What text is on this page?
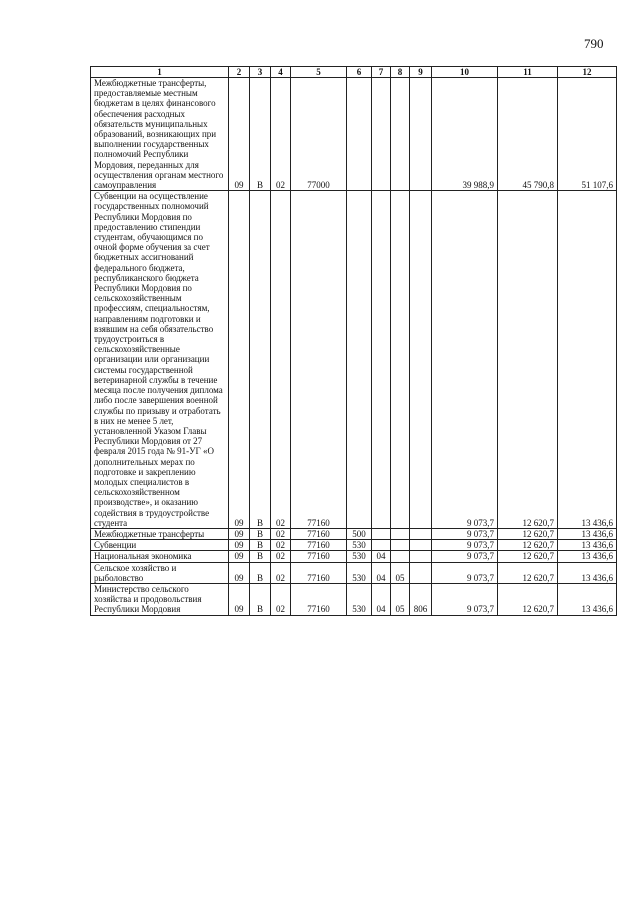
790
1	2	3	4	5	6	7	8	9	10	11	12
Межбюджетные трансферты, предоставляемые местным бюджетам в целях финансового обеспечения расходных обязательств муниципальных образований, возникающих при выполнении государственных полномочий Республики Мордовия, переданных для осуществления органам местного самоуправления	09	В	02	77000					39 988,9	45 790,8	51 107,6
Субвенции на осуществление государственных полномочий Республики Мордовия по предоставлению стипендии студентам, обучающимся по очной форме обучения за счет бюджетных ассигнований федерального бюджета, республиканского бюджета Республики Мордовия по сельскохозяйственным профессиям, специальностям, направлениям подготовки и взявшим на себя обязательство трудоустроиться в сельскохозяйственные организации или организации системы государственной ветеринарной службы в течение месяца после получения диплома либо после завершения военной службы по призыву и отработать в них не менее 5 лет, установленной Указом Главы Республики Мордовия от 27 февраля 2015 года № 91-УГ «О дополнительных мерах по подготовке и закреплению молодых специалистов в сельскохозяйственном производстве», и оказанию содействия в трудоустройстве студента	09	В	02	77160					9 073,7	12 620,7	13 436,6
Межбюджетные трансферты	09	В	02	77160	500				9 073,7	12 620,7	13 436,6
Субвенции	09	В	02	77160	530				9 073,7	12 620,7	13 436,6
Национальная экономика	09	В	02	77160	530	04			9 073,7	12 620,7	13 436,6
Сельское хозяйство и рыболовство	09	В	02	77160	530	04	05		9 073,7	12 620,7	13 436,6
Министерство сельского хозяйства и продовольствия Республики Мордовия	09	В	02	77160	530	04	05	806	9 073,7	12 620,7	13 436,6
